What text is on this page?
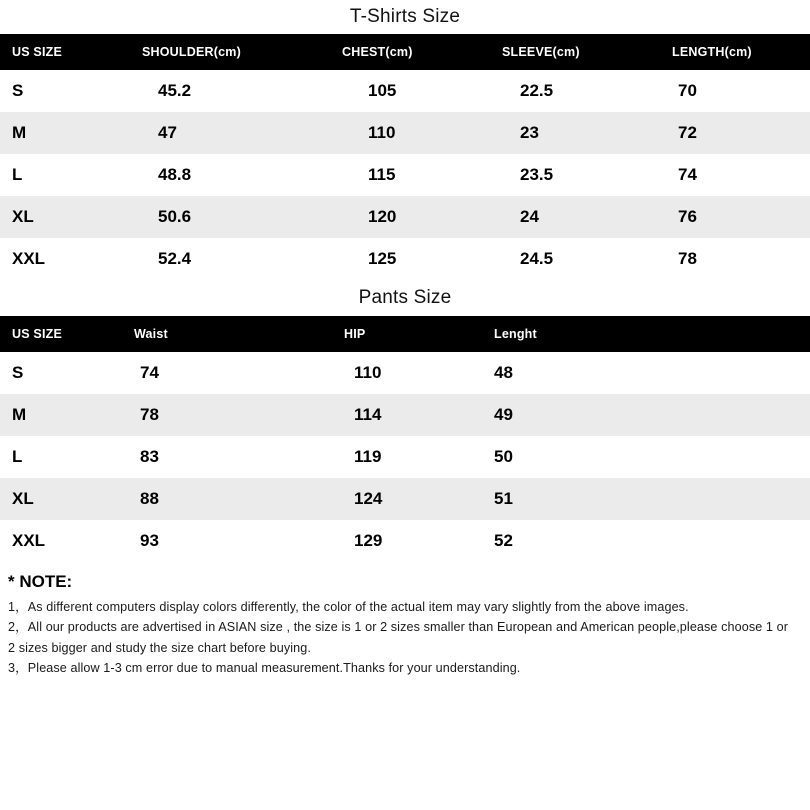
T-Shirts Size
US SIZE	SHOULDER(cm)	CHEST(cm)	SLEEVE(cm)	LENGTH(cm)
S	45.2	105	22.5	70
M	47	110	23	72
L	48.8	115	23.5	74
XL	50.6	120	24	76
XXL	52.4	125	24.5	78
Pants Size
US SIZE	Waist	HIP	Lenght
S	74	110	48
M	78	114	49
L	83	119	50
XL	88	124	51
XXL	93	129	52
* NOTE:
1，As different computers display colors differently, the color of the actual item may vary slightly from the above images.
2，All our products are advertised in ASIAN size , the size is 1 or 2 sizes smaller than European and American people,please choose 1 or
2 sizes bigger and study the size chart before buying.
3，Please allow 1-3 cm error due to manual measurement.Thanks for your understanding.
